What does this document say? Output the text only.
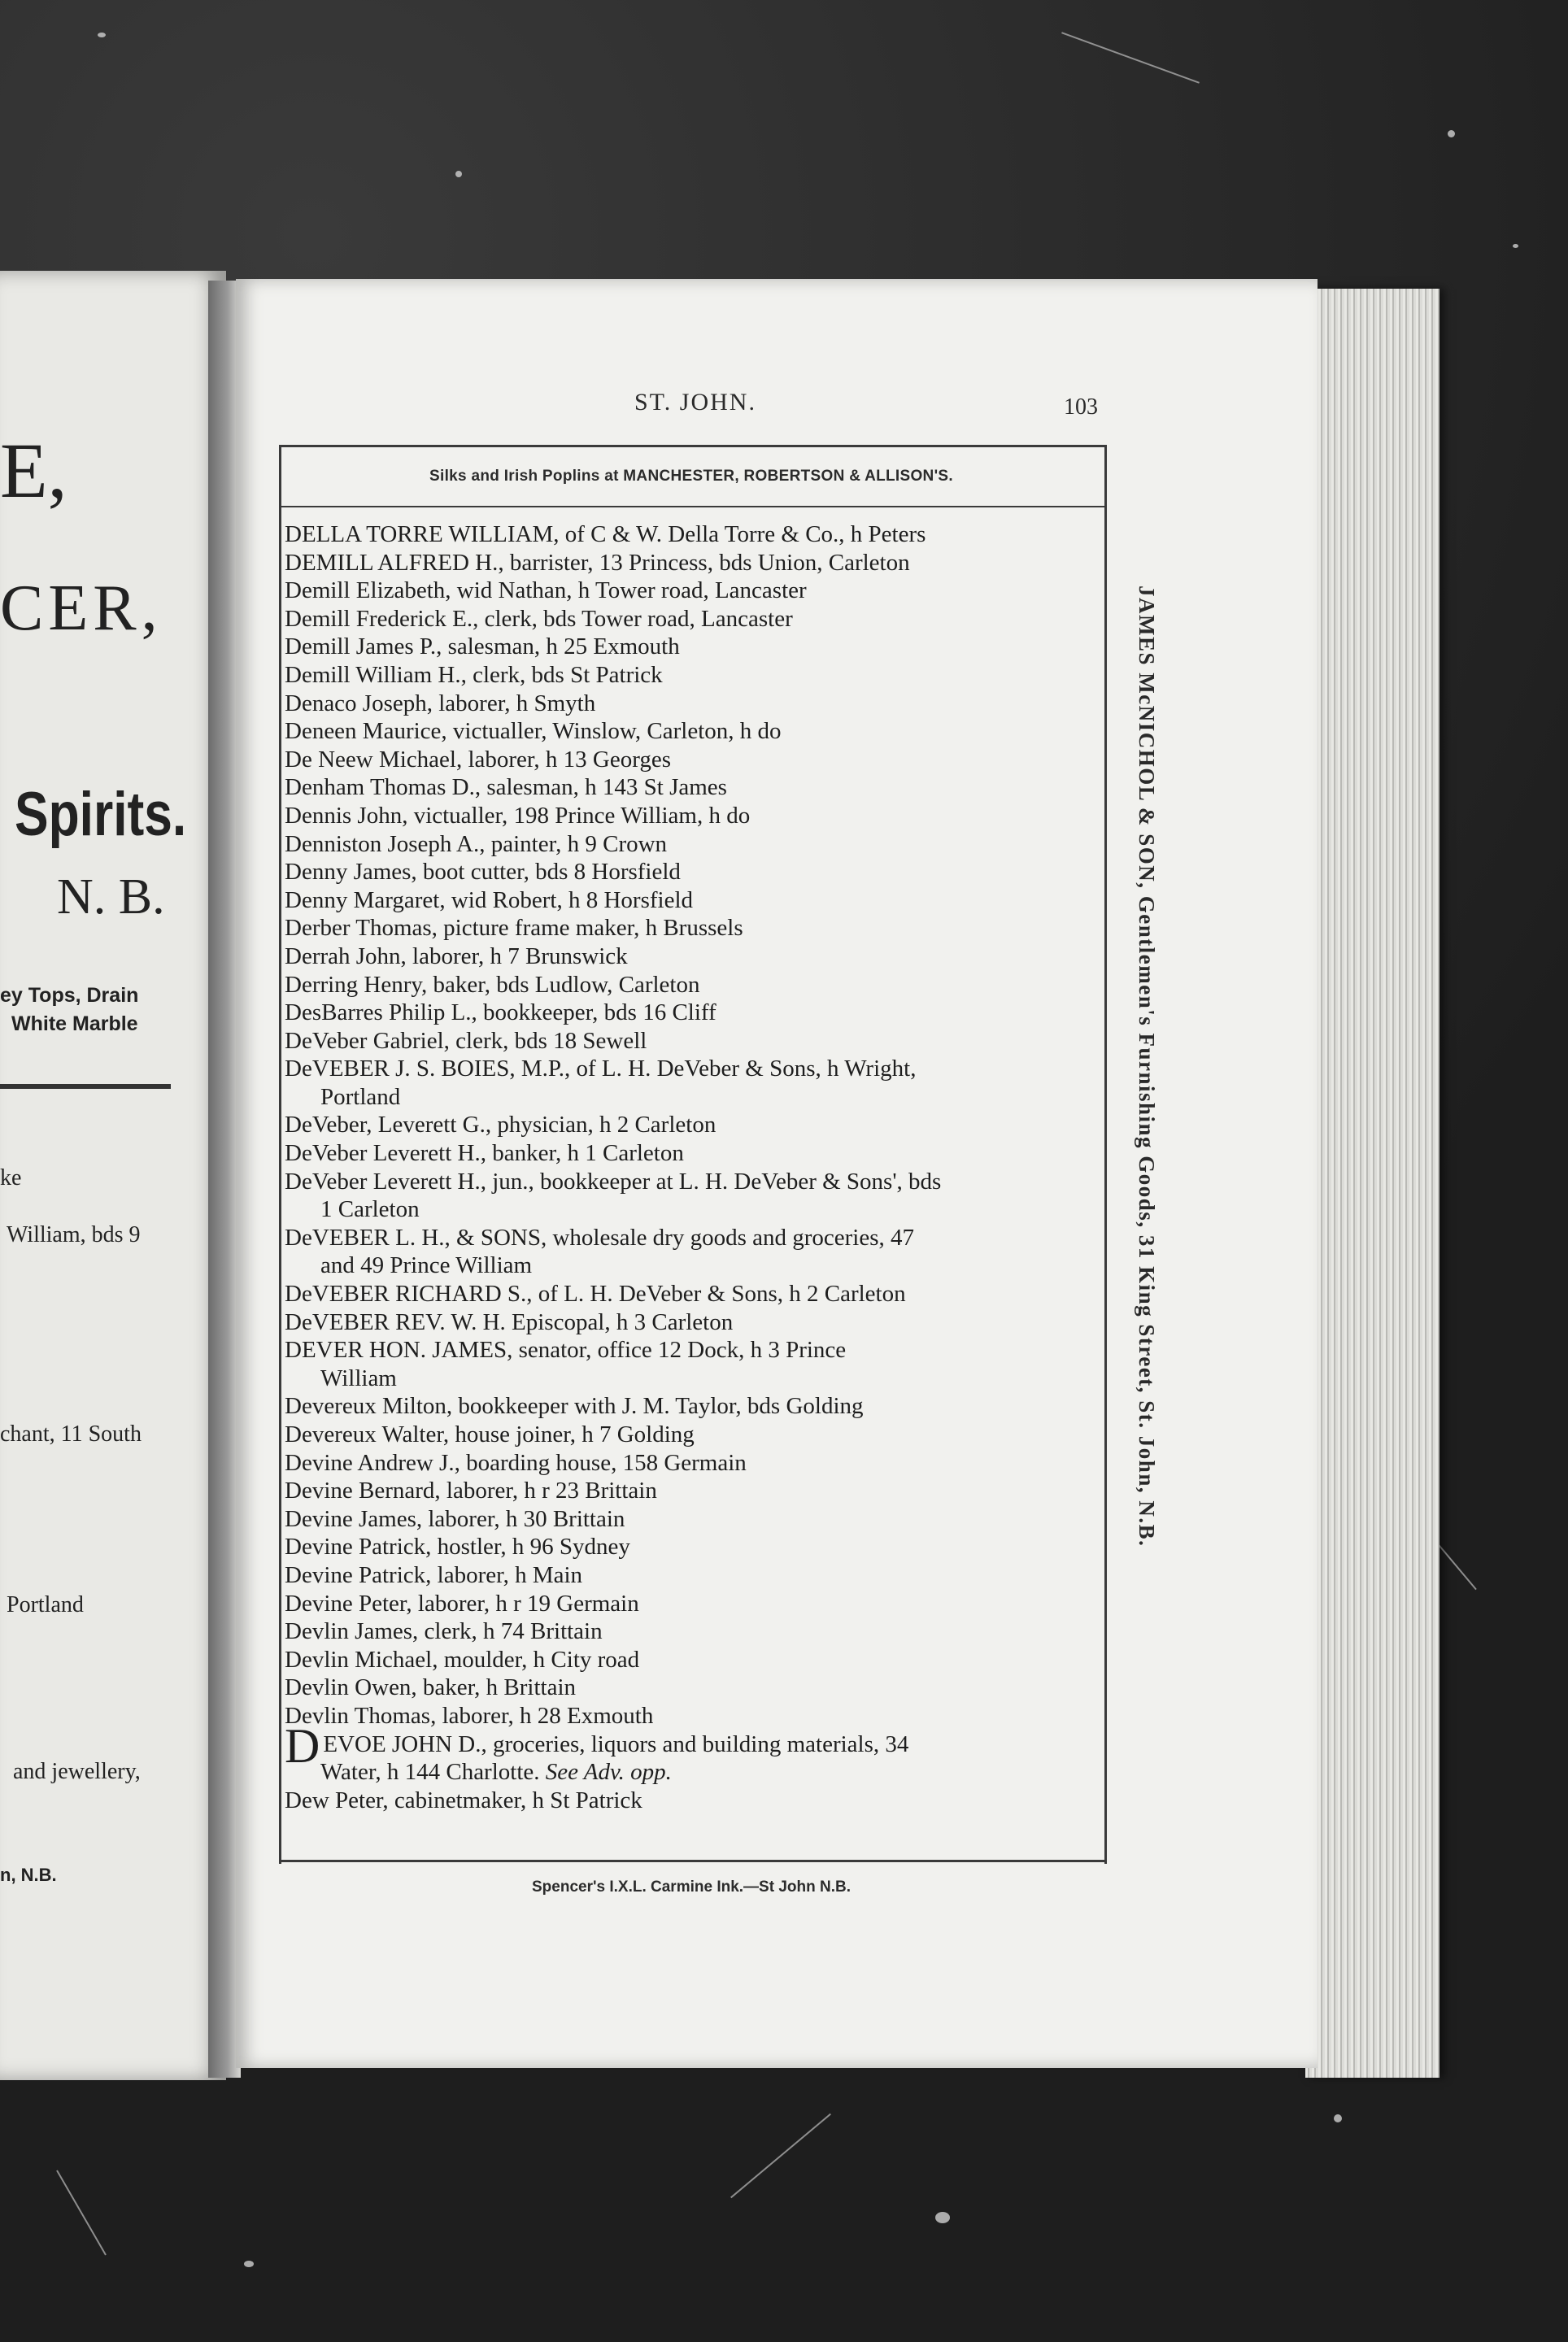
E,
CER,
Spirits.
N. B.
ey Tops, Drain
White Marble
ke
William, bds 9
chant, 11 South
Portland
and jewellery,
n, N.B.
ST. JOHN.	103
Silks and Irish Poplins at MANCHESTER, ROBERTSON & ALLISON'S.
DELLA TORRE WILLIAM, of C & W. Della Torre & Co., h Peters
DEMILL ALFRED H., barrister, 13 Princess, bds Union, Carleton
Demill Elizabeth, wid Nathan, h Tower road, Lancaster
Demill Frederick E., clerk, bds Tower road, Lancaster
Demill James P., salesman, h 25 Exmouth
Demill William H., clerk, bds St Patrick
Denaco Joseph, laborer, h Smyth
Deneen Maurice, victualler, Winslow, Carleton, h do
De Neew Michael, laborer, h 13 Georges
Denham Thomas D., salesman, h 143 St James
Dennis John, victualler, 198 Prince William, h do
Denniston Joseph A., painter, h 9 Crown
Denny James, boot cutter, bds 8 Horsfield
Denny Margaret, wid Robert, h 8 Horsfield
Derber Thomas, picture frame maker, h Brussels
Derrah John, laborer, h 7 Brunswick
Derring Henry, baker, bds Ludlow, Carleton
DesBarres Philip L., bookkeeper, bds 16 Cliff
DeVeber Gabriel, clerk, bds 18 Sewell
DeVEBER J. S. BOIES, M.P., of L. H. DeVeber & Sons, h Wright,
Portland
DeVeber, Leverett G., physician, h 2 Carleton
DeVeber Leverett H., banker, h 1 Carleton
DeVeber Leverett H., jun., bookkeeper at L. H. DeVeber & Sons', bds
1 Carleton
DeVEBER L. H., & SONS, wholesale dry goods and groceries, 47
and 49 Prince William
DeVEBER RICHARD S., of L. H. DeVeber & Sons, h 2 Carleton
DeVEBER REV. W. H. Episcopal, h 3 Carleton
DEVER HON. JAMES, senator, office 12 Dock, h 3 Prince
William
Devereux Milton, bookkeeper with J. M. Taylor, bds Golding
Devereux Walter, house joiner, h 7 Golding
Devine Andrew J., boarding house, 158 Germain
Devine Bernard, laborer, h r 23 Brittain
Devine James, laborer, h 30 Brittain
Devine Patrick, hostler, h 96 Sydney
Devine Patrick, laborer, h Main
Devine Peter, laborer, h r 19 Germain
Devlin James, clerk, h 74 Brittain
Devlin Michael, moulder, h City road
Devlin Owen, baker, h Brittain
Devlin Thomas, laborer, h 28 Exmouth
DEVOE JOHN D., groceries, liquors and building materials, 34
Water, h 144 Charlotte. See Adv. opp.
Dew Peter, cabinetmaker, h St Patrick
JAMES McNICHOL & SON, Gentlemen's Furnishing Goods, 31 King Street, St. John, N.B.
Spencer's I.X.L. Carmine Ink.—St John N.B.
